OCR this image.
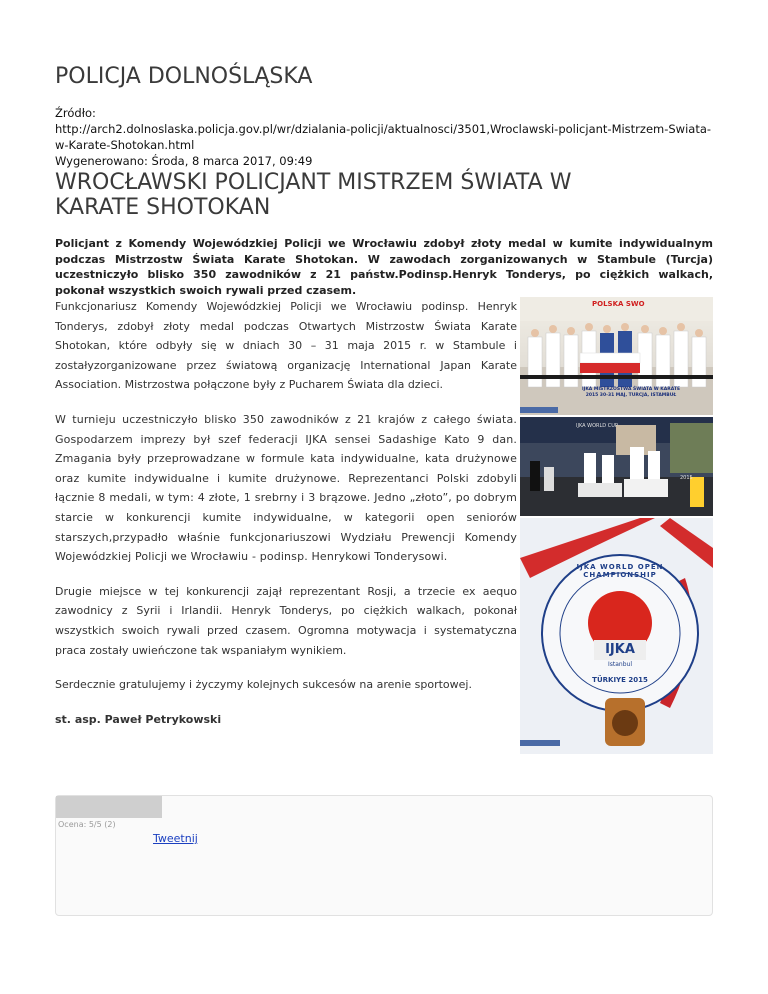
POLICJA DOLNOŚLĄSKA
Źródło:
http://arch2.dolnoslaska.policja.gov.pl/wr/dzialania-policji/aktualnosci/3501,Wroclawski-policjant-Mistrzem-Swiata-w-Karate-Shotokan.html
Wygenerowano: Środa, 8 marca 2017, 09:49
WROCŁAWSKI POLICJANT MISTRZEM ŚWIATA W KARATE SHOTOKAN
Policjant z Komendy Wojewódzkiej Policji we Wrocławiu zdobył złoty medal w kumite indywidualnym podczas Mistrzostw Świata Karate Shotokan. W zawodach zorganizowanych w Stambule (Turcja) uczestniczyło blisko 350 zawodników z 21 państw.Podinsp.Henryk Tonderys, po ciężkich walkach, pokonał wszystkich swoich rywali przed czasem.

Funkcjonariusz Komendy Wojewódzkiej Policji we Wrocławiu podinsp. Henryk Tonderys, zdobył złoty medal podczas Otwartych Mistrzostw Świata Karate Shotokan, które odbyły się w dniach 30 – 31 maja 2015 r. w Stambule i zostałyzorganizowane przez światową organizację International Japan Karate Association. Mistrzostwa połączone były z Pucharem Świata dla dzieci.

W turnieju uczestniczyło blisko 350 zawodników z 21 krajów z całego świata. Gospodarzem imprezy był szef federacji IJKA sensei Sadashige Kato 9 dan. Zmagania były przeprowadzane w formule kata indywidualne, kata drużynowe oraz kumite indywidualne i kumite drużynowe. Reprezentanci Polski zdobyli łącznie 8 medali, w tym: 4 złote, 1 srebrny i 3 brązowe. Jedno „złoto”, po dobrym starcie w konkurencji kumite indywidualne, w kategorii open seniorów starszych,przypadło właśnie funkcjonariuszowi Wydziału Prewencji Komendy Wojewódzkiej Policji we Wrocławiu - podinsp. Henrykowi Tonderysowi.

Drugie miejsce w tej konkurencji zajął reprezentant Rosji, a trzecie ex aequo zawodnicy z Syrii i Irlandii. Henryk Tonderys, po ciężkich walkach, pokonał wszystkich swoich rywali przed czasem. Ogromna motywacja i systematyczna praca zostały uwieńczone tak wspaniałym wynikiem.

Serdecznie gratulujemy i życzymy kolejnych sukcesów na arenie sportowej.

st. asp. Paweł Petrykowski

POLSKA SWO
IJKA MISTRZOSTWA ŚWIATA W KARATE 2015 30-31 MAJ, TURCJA, ISTAMBUŁ
IJKA WORLD CUP
2015
IJKA WORLD OPEN CHAMPIONSHIP
IJKA
Istanbul
TÜRKIYE 2015
Ocena: 5/5 (2)
Tweetnij
